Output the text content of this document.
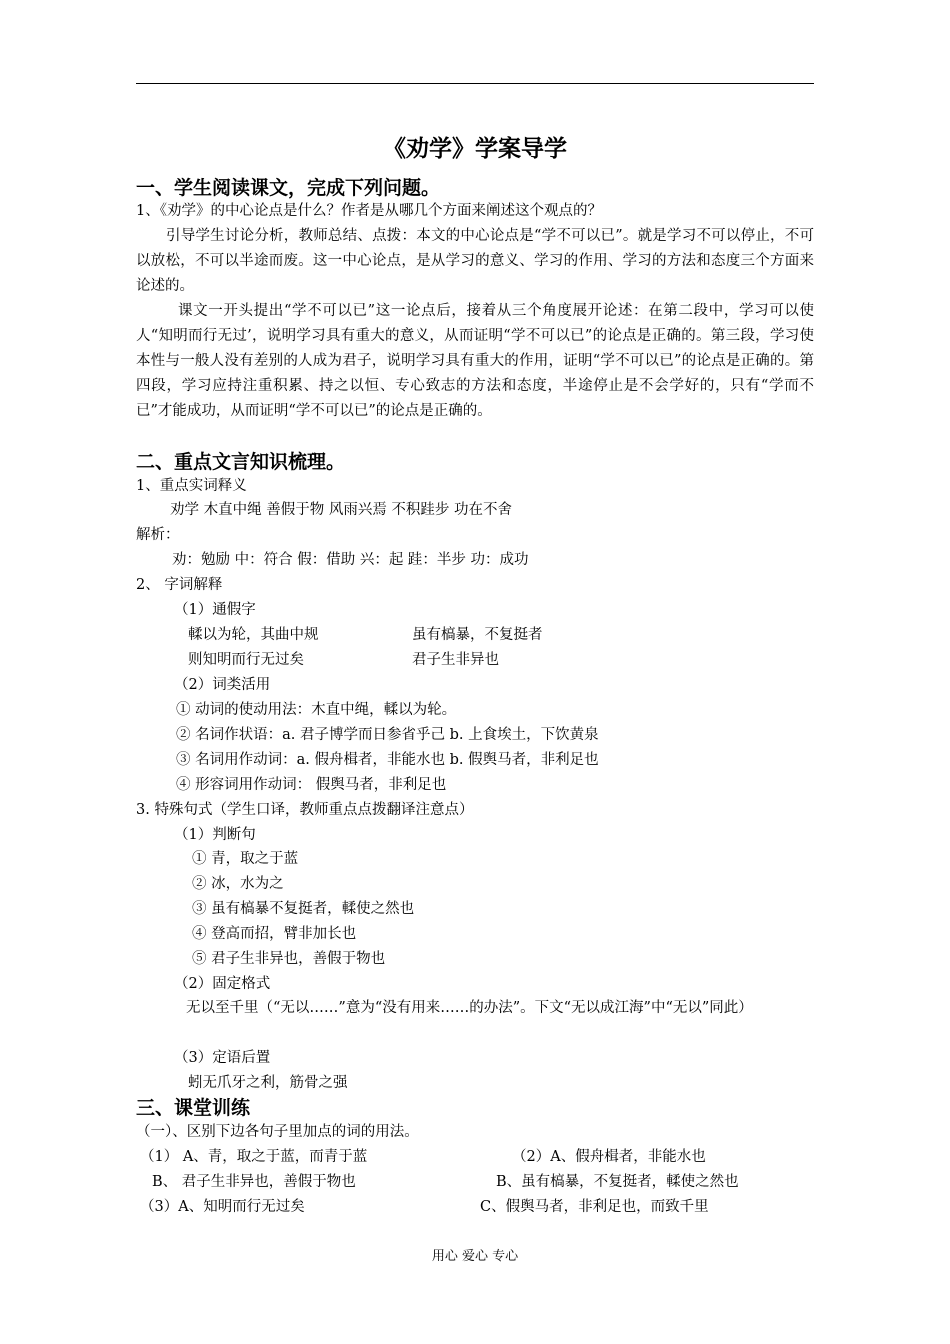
《劝学》学案导学
一、学生阅读课文，完成下列问题。

1、《劝学》的中心论点是什么？作者是从哪几个方面来阐述这个观点的？

引导学生讨论分析，教师总结、点拨：本文的中心论点是“学不可以已”。就是学习不可以停止，不可以放松，不可以半途而废。这一中心论点，是从学习的意义、学习的作用、学习的方法和态度三个方面来论述的。

课文一开头提出“学不可以已”这一论点后，接着从三个角度展开论述：在第二段中，学习可以使人“知明而行无过’，说明学习具有重大的意义，从而证明“学不可以已”的论点是正确的。第三段，学习使本性与一般人没有差别的人成为君子，说明学习具有重大的作用，证明“学不可以已”的论点是正确的。第四段，学习应持注重积累、持之以恒、专心致志的方法和态度，半途停止是不会学好的，只有“学而不已”才能成功，从而证明“学不可以已”的论点是正确的。

二、重点文言知识梳理。

1、重点实词释义

劝学 木直中绳 善假于物 风雨兴焉 不积跬步 功在不舍

解析：

劝：勉励 中：符合 假：借助 兴：起 跬：半步 功：成功

2、 字词解释

（1）通假字

輮以为轮，其曲中规	虽有槁暴，不复挺者

则知明而行无过矣	君子生非异也

（2）词类活用

① 动词的使动用法：木直中绳，輮以为轮。

② 名词作状语：a. 君子博学而日参省乎己 b. 上食埃土，下饮黄泉

③ 名词用作动词：a. 假舟楫者，非能水也 b. 假舆马者，非利足也

④ 形容词用作动词： 假舆马者，非利足也

3. 特殊句式（学生口译，教师重点点拨翻译注意点）

（1）判断句

① 青，取之于蓝

② 冰，水为之

③ 虽有槁暴不复挺者，輮使之然也

④ 登高而招，臂非加长也

⑤ 君子生非异也，善假于物也

（2）固定格式

无以至千里（“无以……”意为“没有用来……的办法”。下文“无以成江海”中“无以”同此）

（3）定语后置

蚓无爪牙之利，筋骨之强

三、课堂训练

（一）、区别下边各句子里加点的词的用法。

（1） A、青，取之于蓝，而青于蓝	（2）A、假舟楫者，非能水也

B、 君子生非异也，善假于物也	B、虽有槁暴，不复挺者，輮使之然也

（3）A、知明而行无过矣	C、假舆马者，非利足也，而致千里

用心 爱心 专心
